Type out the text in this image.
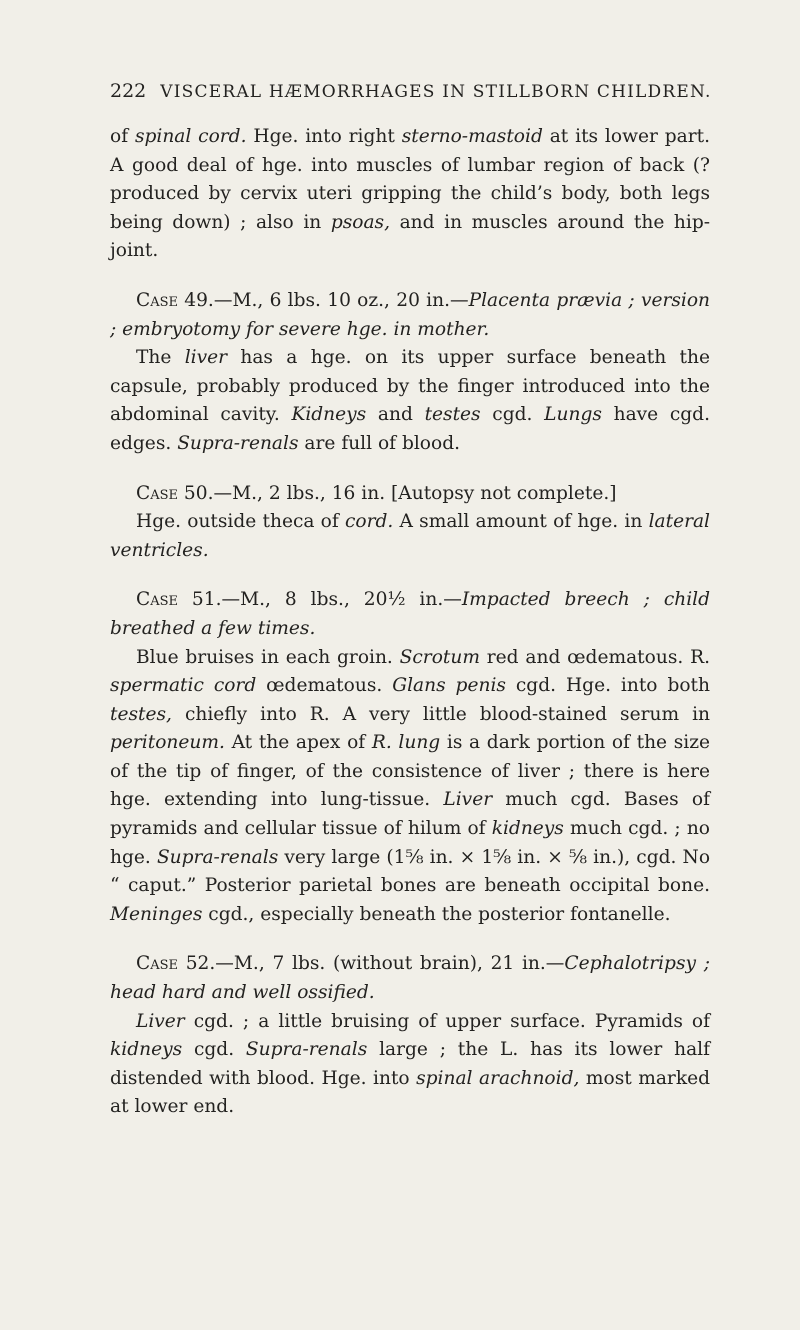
222 VISCERAL HÆMORRHAGES IN STILLBORN CHILDREN.

of spinal cord. Hge. into right sterno-mastoid at its lower part. A good deal of hge. into muscles of lumbar region of back (? produced by cervix uteri gripping the child’s body, both legs being down) ; also in psoas, and in muscles around the hip-joint.

Case 49.—M., 6 lbs. 10 oz., 20 in.—Placenta prævia ; version ; embryotomy for severe hge. in mother.

The liver has a hge. on its upper surface beneath the capsule, probably produced by the finger introduced into the abdominal cavity. Kidneys and testes cgd. Lungs have cgd. edges. Supra-renals are full of blood.

Case 50.—M., 2 lbs., 16 in. [Autopsy not complete.]

Hge. outside theca of cord. A small amount of hge. in lateral ventricles.

Case 51.—M., 8 lbs., 20½ in.—Impacted breech ; child breathed a few times.

Blue bruises in each groin. Scrotum red and œdematous. R. spermatic cord œdematous. Glans penis cgd. Hge. into both testes, chiefly into R. A very little blood-stained serum in peritoneum. At the apex of R. lung is a dark portion of the size of the tip of finger, of the consistence of liver ; there is here hge. extending into lung-tissue. Liver much cgd. Bases of pyramids and cellular tissue of hilum of kidneys much cgd. ; no hge. Supra-renals very large (1⅝ in. × 1⅝ in. × ⅝ in.), cgd. No “ caput.” Posterior parietal bones are beneath occipital bone. Meninges cgd., especially beneath the posterior fontanelle.

Case 52.—M., 7 lbs. (without brain), 21 in.—Cephalotripsy ; head hard and well ossified.

Liver cgd. ; a little bruising of upper surface. Pyramids of kidneys cgd. Supra-renals large ; the L. has its lower half distended with blood. Hge. into spinal arachnoid, most marked at lower end.
